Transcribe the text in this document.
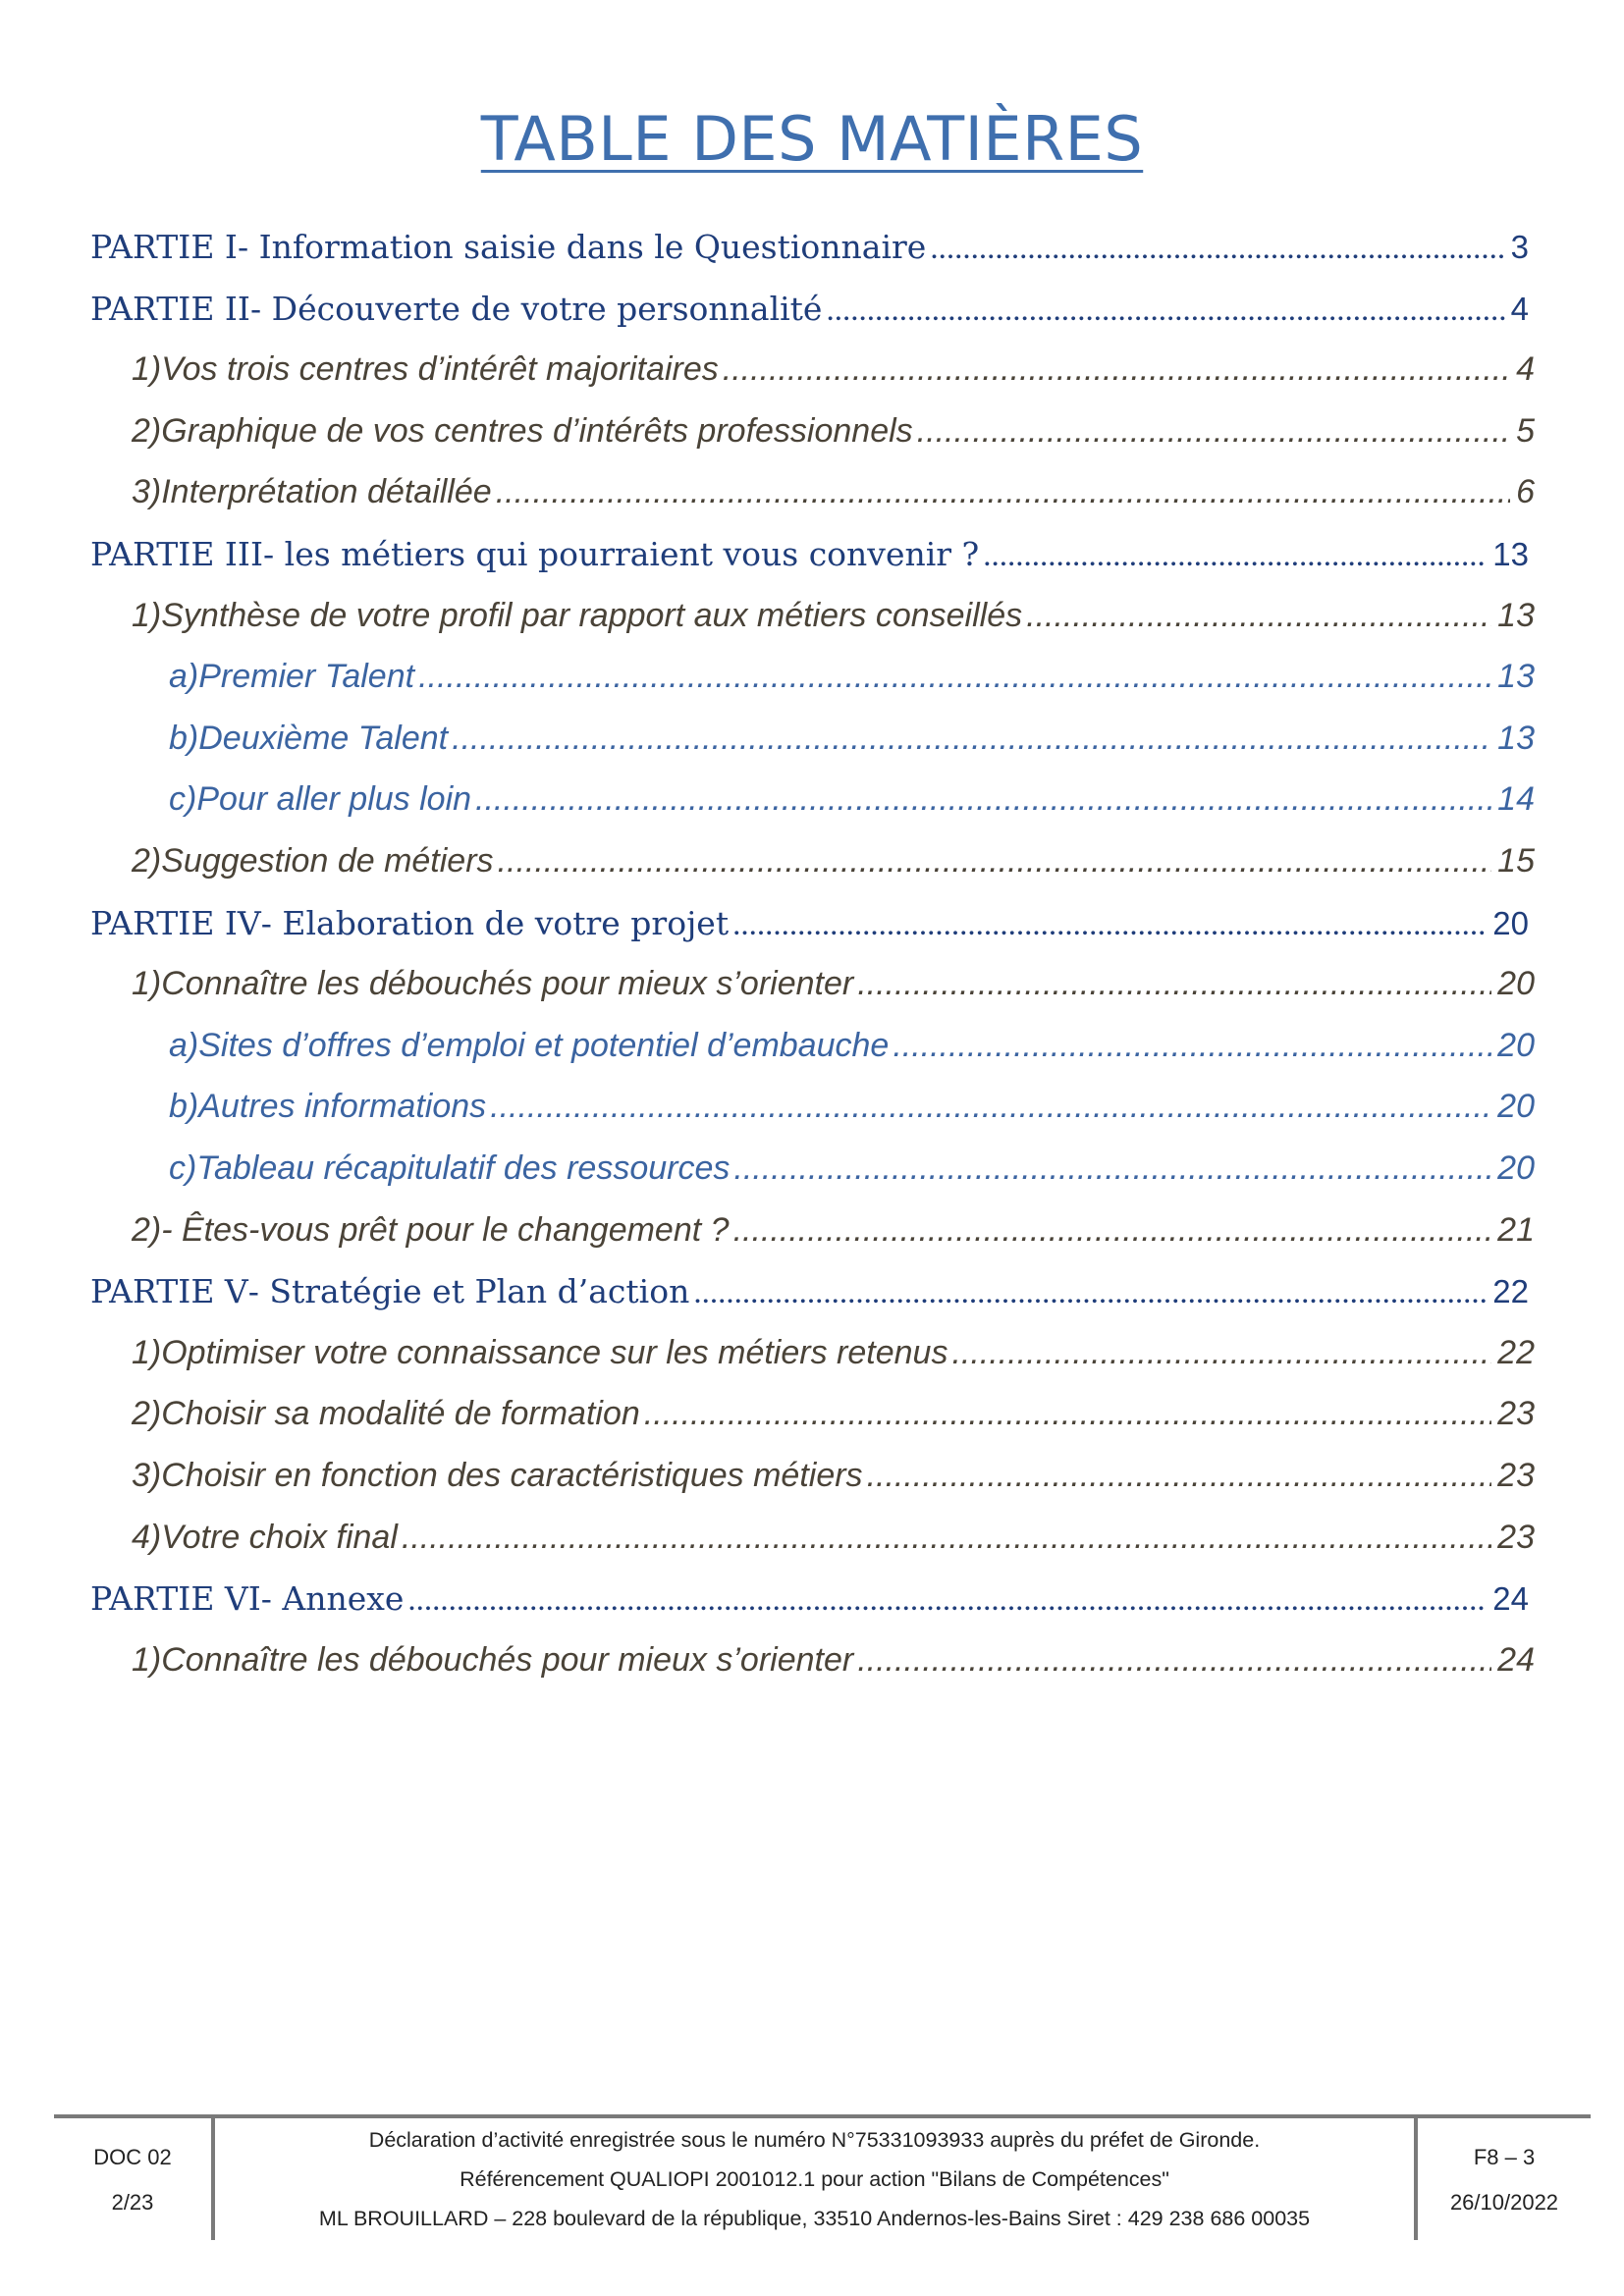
TABLE DES MATIÈRES
PARTIE I - Information saisie dans le Questionnaire .....	3
PARTIE II - Découverte de votre personnalité .....	4
1) Vos trois centres d’intérêt majoritaires .....	4
2) Graphique de vos centres d’intérêts professionnels .....	5
3) Interprétation détaillée .....	6
PARTIE III - les métiers qui pourraient vous convenir ? .....	13
1) Synthèse de votre profil par rapport aux métiers conseillés .....	13
a) Premier Talent .....	13
b) Deuxième Talent .....	13
c) Pour aller plus loin .....	14
2) Suggestion de métiers .....	15
PARTIE IV - Elaboration de votre projet .....	20
1) Connaître les débouchés pour mieux s’orienter .....	20
a) Sites d’offres d’emploi et potentiel d’embauche .....	20
b) Autres informations .....	20
c) Tableau récapitulatif des ressources .....	20
2) - Êtes-vous prêt pour le changement ? .....	21
PARTIE V - Stratégie et Plan d’action .....	22
1) Optimiser votre connaissance sur les métiers retenus .....	22
2) Choisir sa modalité de formation .....	23
3) Choisir en fonction des caractéristiques métiers .....	23
4) Votre choix final .....	23
PARTIE VI - Annexe .....	24
1) Connaître les débouchés pour mieux s’orienter .....	24
DOC 02
2/23
Déclaration d’activité enregistrée sous le numéro N°75331093933 auprès du préfet de Gironde.
Référencement QUALIOPI 2001012.1 pour action "Bilans de Compétences"
ML BROUILLARD – 228 boulevard de la république, 33510 Andernos-les-Bains Siret : 429 238 686 00035
F8 – 3
26/10/2022
